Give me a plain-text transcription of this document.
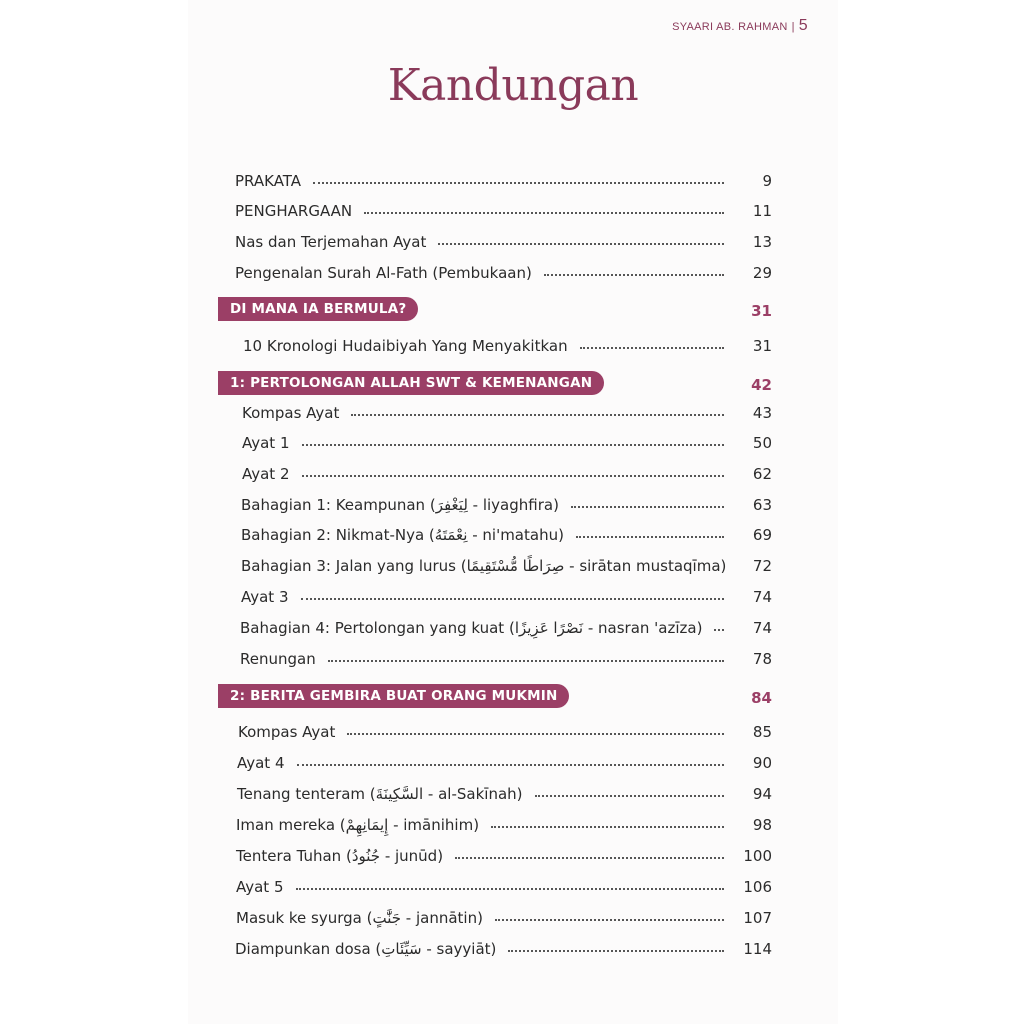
SYAARI AB. RAHMAN | 5
Kandungan
PRAKATA	9
PENGHARGAAN	11
Nas dan Terjemahan Ayat	13
Pengenalan Surah Al-Fath (Pembukaan)	29
DI MANA IA BERMULA?	31
10 Kronologi Hudaibiyah Yang Menyakitkan	31
1: PERTOLONGAN ALLAH SWT & KEMENANGAN	42
Kompas Ayat	43
Ayat 1	50
Ayat 2	62
Bahagian 1: Keampunan (لِيَغْفِرَ - liyaghfira)	63
Bahagian 2: Nikmat-Nya (نِعْمَتَهُ - ni'matahu)	69
Bahagian 3: Jalan yang lurus (صِرَاطًا مُّسْتَقِيمًا - sirātan mustaqīma) 72
Ayat 3	74
Bahagian 4: Pertolongan yang kuat (نَصْرًا عَزِيزًا - nasran 'azīza)	74
Renungan	78
2: BERITA GEMBIRA BUAT ORANG MUKMIN	84
Kompas Ayat	85
Ayat 4	90
Tenang tenteram (السَّكِينَةَ - al-Sakīnah)	94
Iman mereka (إِيمَانِهِمْ - imānihim)	98
Tentera Tuhan (جُنُودُ - junūd)	100
Ayat 5	106
Masuk ke syurga (جَنَّٰتٍ - jannātin)	107
Diampunkan dosa (سَيِّئَاتِ - sayyiāt)	114
